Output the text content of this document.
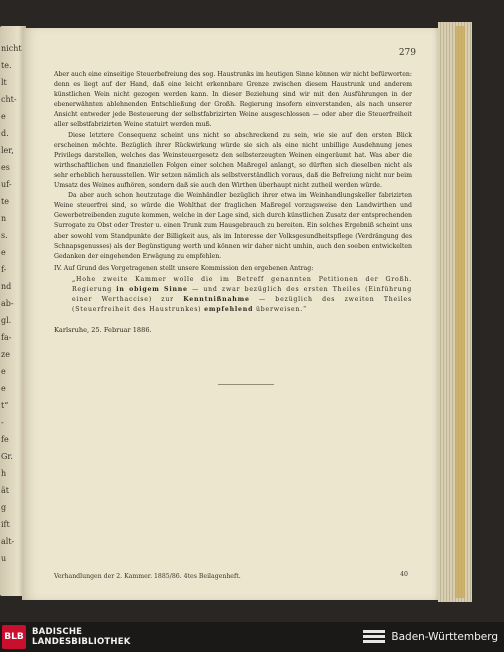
nicht
te.
lt
cht-
e
d.
ler,
es
uf-
te
n
s.
e
f-
nd
ab-
gl.
fa-
ze
e
e
t“
-
fe
Gr.
h
ät
g
ift
alt-
u
279

Aber auch eine einseitige Steuerbefreiung des sog. Haustrunks im heutigen Sinne können wir nicht befürworten: denn es liegt auf der Hand, daß eine leicht erkennbare Grenze zwischen diesem Haustrunk und anderem künstlichen Wein nicht gezogen werden kann. In dieser Beziehung sind wir mit den Ausführungen in der ebenerwähnten ablehnenden Entschließung der Großh. Regierung insofern einverstanden, als nach unserer Ansicht entweder jede Besteuerung der selbstfabrizirten Weine ausgeschlossen — oder aber die Steuerfreiheit aller selbstfabrizirten Weine statuirt werden muß.

Diese letztere Consequenz scheint uns nicht so abschreckend zu sein, wie sie auf den ersten Blick erscheinen möchte. Bezüglich ihrer Rückwirkung würde sie sich als eine nicht unbillige Ausdehnung jenes Privilegs darstellen, welches das Weinsteuergesetz den selbsterzeugten Weinen eingeräumt hat. Was aber die wirthschaftlichen und finanziellen Folgen einer solchen Maßregel anlangt, so dürften sich dieselben nicht als sehr erheblich herausstellen. Wir setzen nämlich als selbstverständlich voraus, daß die Befreiung nicht nur beim Umsatz des Weines aufhören, sondern daß sie auch den Wirthen überhaupt nicht zutheil werden würde.

Da aber auch schon heutzutage die Weinhändler bezüglich ihrer etwa im Weinhandlungskeller fabrizirten Weine steuerfrei sind, so würde die Wohlthat der fraglichen Maßregel vorzugsweise den Landwirthen und Gewerbetreibenden zugute kommen, welche in der Lage sind, sich durch künstlichen Zusatz der entsprechenden Surrogate zu Obst oder Trester u. einen Trunk zum Hausgebrauch zu bereiten. Ein solches Ergebniß scheint uns aber sowohl vom Standpunkte der Billigkeit aus, als im Interesse der Volksgesundheitspflege (Verdrängung des Schnapsgenusses) als der Begünstigung werth und können wir daher nicht umhin, auch den soeben entwickelten Gedanken der eingehenden Erwägung zu empfehlen.

IV. Auf Grund des Vorgetragenen stellt unsere Kommission den ergebenen Antrag:

„Hohe zweite Kammer wolle die im Betreff genannten Petitionen der Großh. Regierung in obigem Sinne — und zwar bezüglich des ersten Theiles (Einführung einer Werthaccise) zur Kenntnißnahme — bezüglich des zweiten Theiles (Steuerfreiheit des Haustrunkes) empfehlend überweisen.“

Karlsruhe, 25. Februar 1886.

Verhandlungen der 2. Kammer. 1885/86. 4tes Beilagenheft.	40
BLB BADISCHE
LANDESBIBLIOTHEK	Baden-Württemberg
